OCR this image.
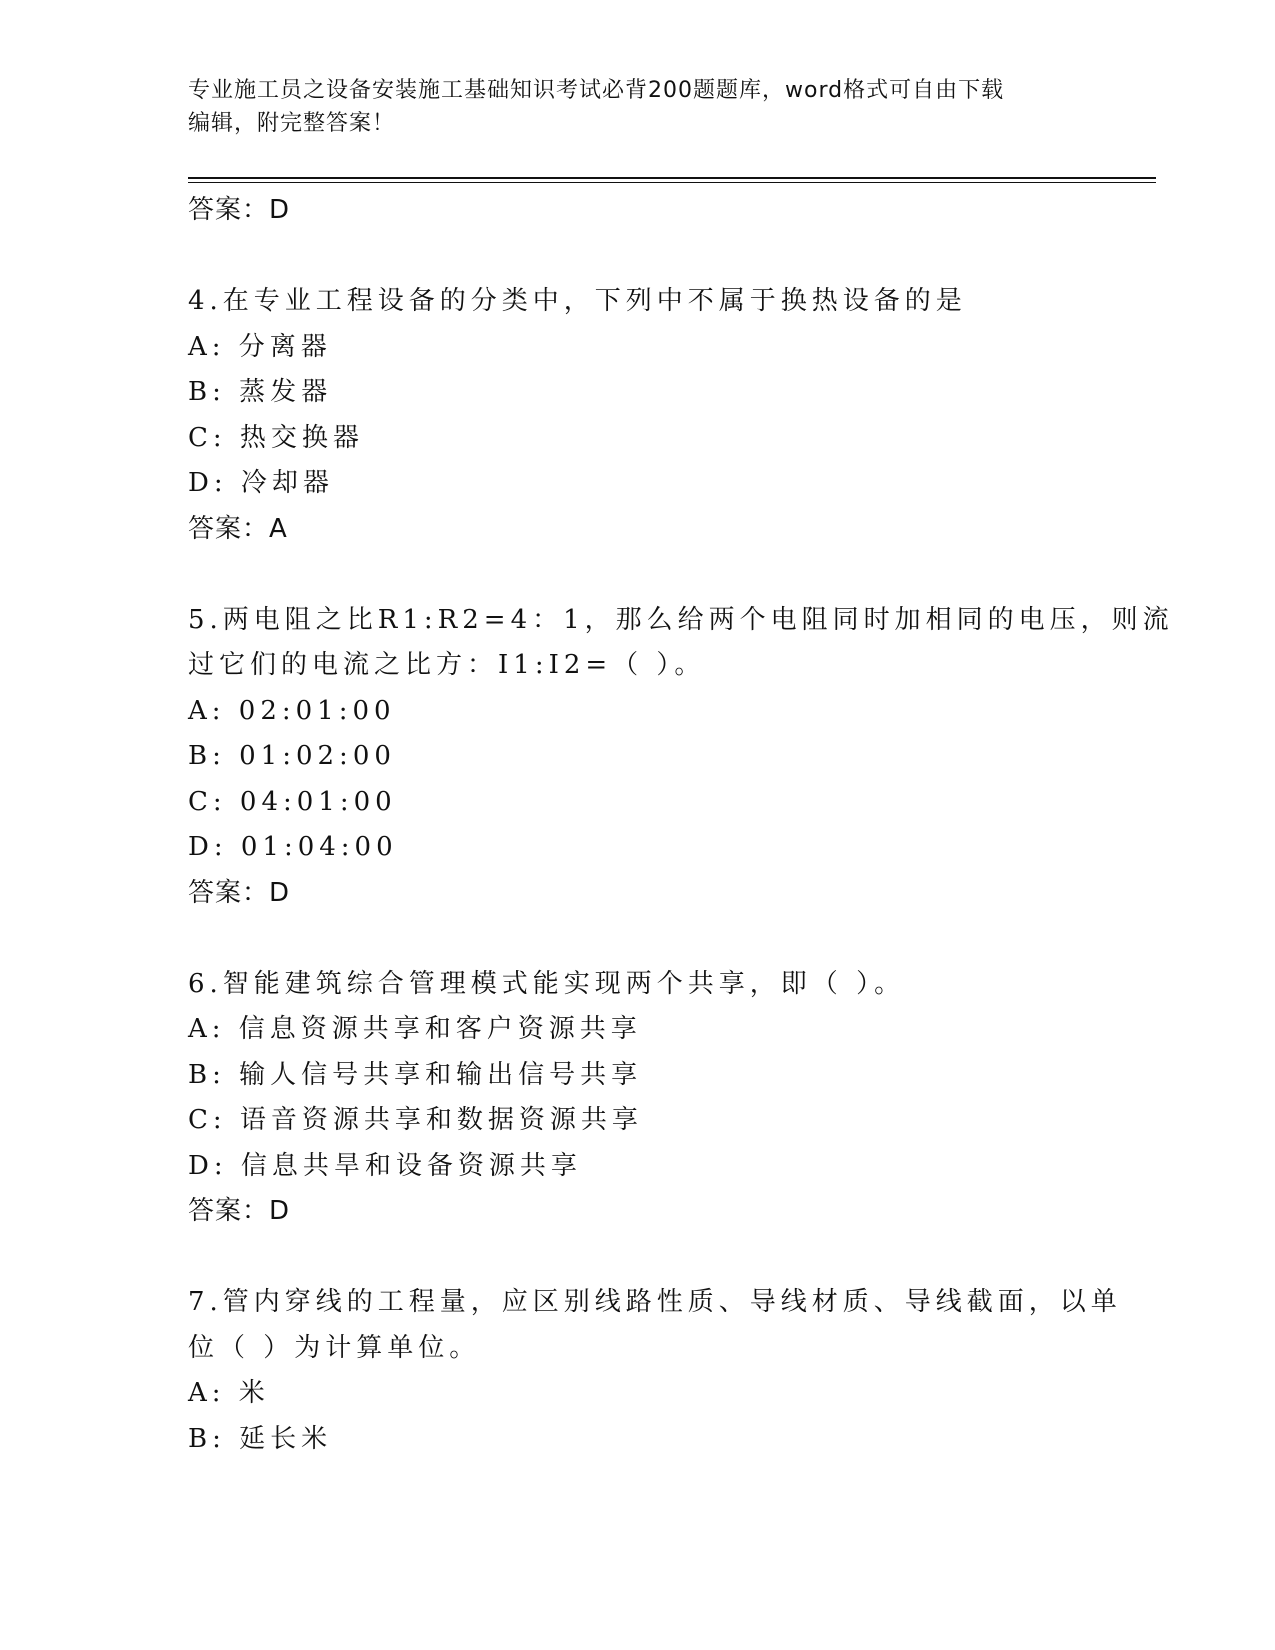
专业施工员之设备安装施工基础知识考试必背200题题库，word格式可自由下载
编辑，附完整答案！
答案：D
4.在专业工程设备的分类中，下列中不属于换热设备的是
A: 分离器
B: 蒸发器
C: 热交换器
D: 冷却器
答案：A
5.两电阻之比R1:R2=4：1，那么给两个电阻同时加相同的电压，则流
过它们的电流之比方：I1:I2=（ ）。
A: 02:01:00
B: 01:02:00
C: 04:01:00
D: 01:04:00
答案：D
6.智能建筑综合管理模式能实现两个共享，即（ ）。
A: 信息资源共享和客户资源共享
B: 输人信号共享和输出信号共享
C: 语音资源共享和数据资源共享
D: 信息共旱和设备资源共享
答案：D
7.管内穿线的工程量，应区别线路性质、导线材质、导线截面，以单
位（ ）为计算单位。
A: 米
B: 延长米
